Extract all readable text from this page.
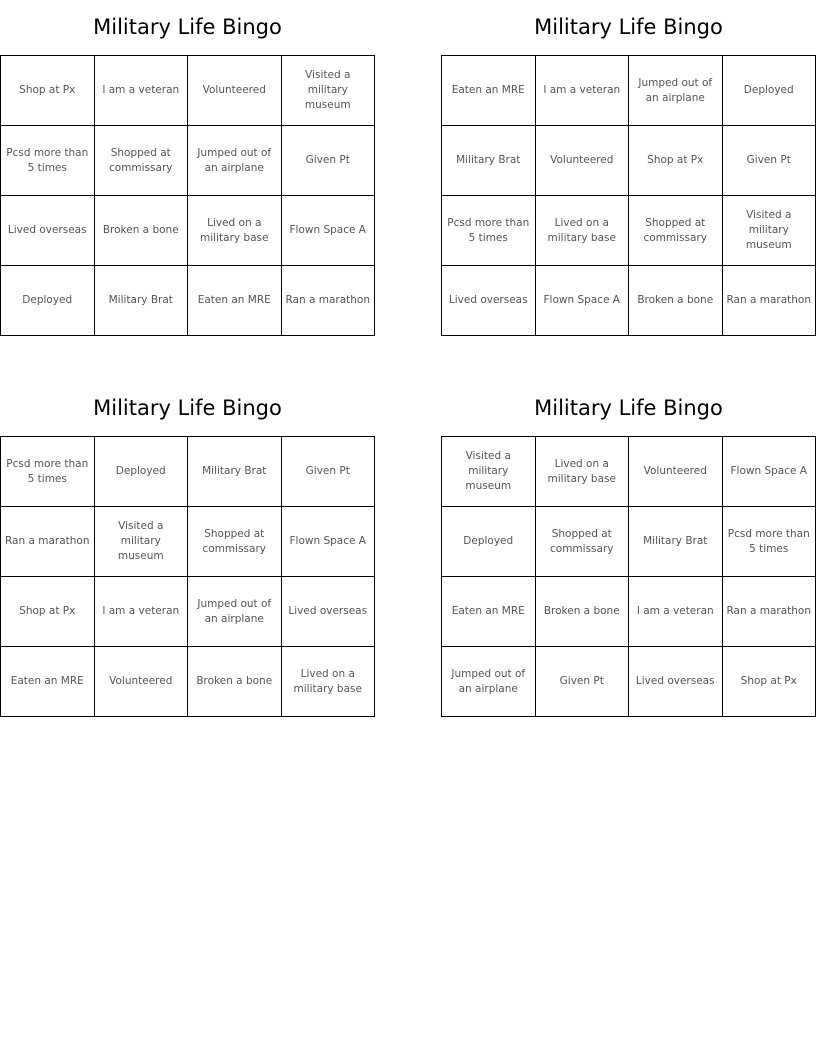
Military Life Bingo
Shop at Px	I am a veteran	Volunteered	Visited a military museum
Pcsd more than 5 times	Shopped at commissary	Jumped out of an airplane	Given Pt
Lived overseas	Broken a bone	Lived on a military base	Flown Space A
Deployed	Military Brat	Eaten an MRE	Ran a marathon
Military Life Bingo
Eaten an MRE	I am a veteran	Jumped out of an airplane	Deployed
Military Brat	Volunteered	Shop at Px	Given Pt
Pcsd more than 5 times	Lived on a military base	Shopped at commissary	Visited a military museum
Lived overseas	Flown Space A	Broken a bone	Ran a marathon
Military Life Bingo
Pcsd more than 5 times	Deployed	Military Brat	Given Pt
Ran a marathon	Visited a military museum	Shopped at commissary	Flown Space A
Shop at Px	I am a veteran	Jumped out of an airplane	Lived overseas
Eaten an MRE	Volunteered	Broken a bone	Lived on a military base
Military Life Bingo
Visited a military museum	Lived on a military base	Volunteered	Flown Space A
Deployed	Shopped at commissary	Military Brat	Pcsd more than 5 times
Eaten an MRE	Broken a bone	I am a veteran	Ran a marathon
Jumped out of an airplane	Given Pt	Lived overseas	Shop at Px
